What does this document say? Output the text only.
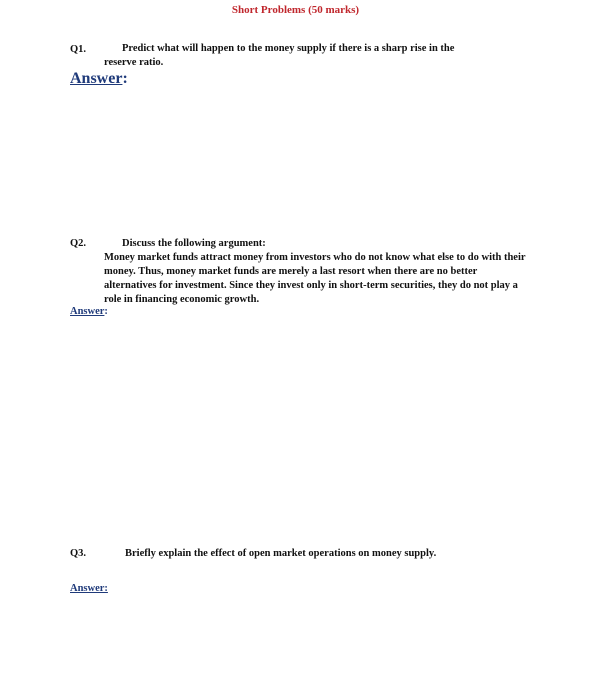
Short Problems (50 marks)
Q1.	Predict what will happen to the money supply if there is a sharp rise in the
reserve ratio.
Answer:
Q2.	Discuss the following argument:
Money market funds attract money from investors who do not know what else to do with their money. Thus, money market funds are merely a last resort when there are no better alternatives for investment. Since they invest only in short-term securities, they do not play a role in financing economic growth.
Answer:
Q3.	Briefly explain the effect of open market operations on money supply.
Answer:
